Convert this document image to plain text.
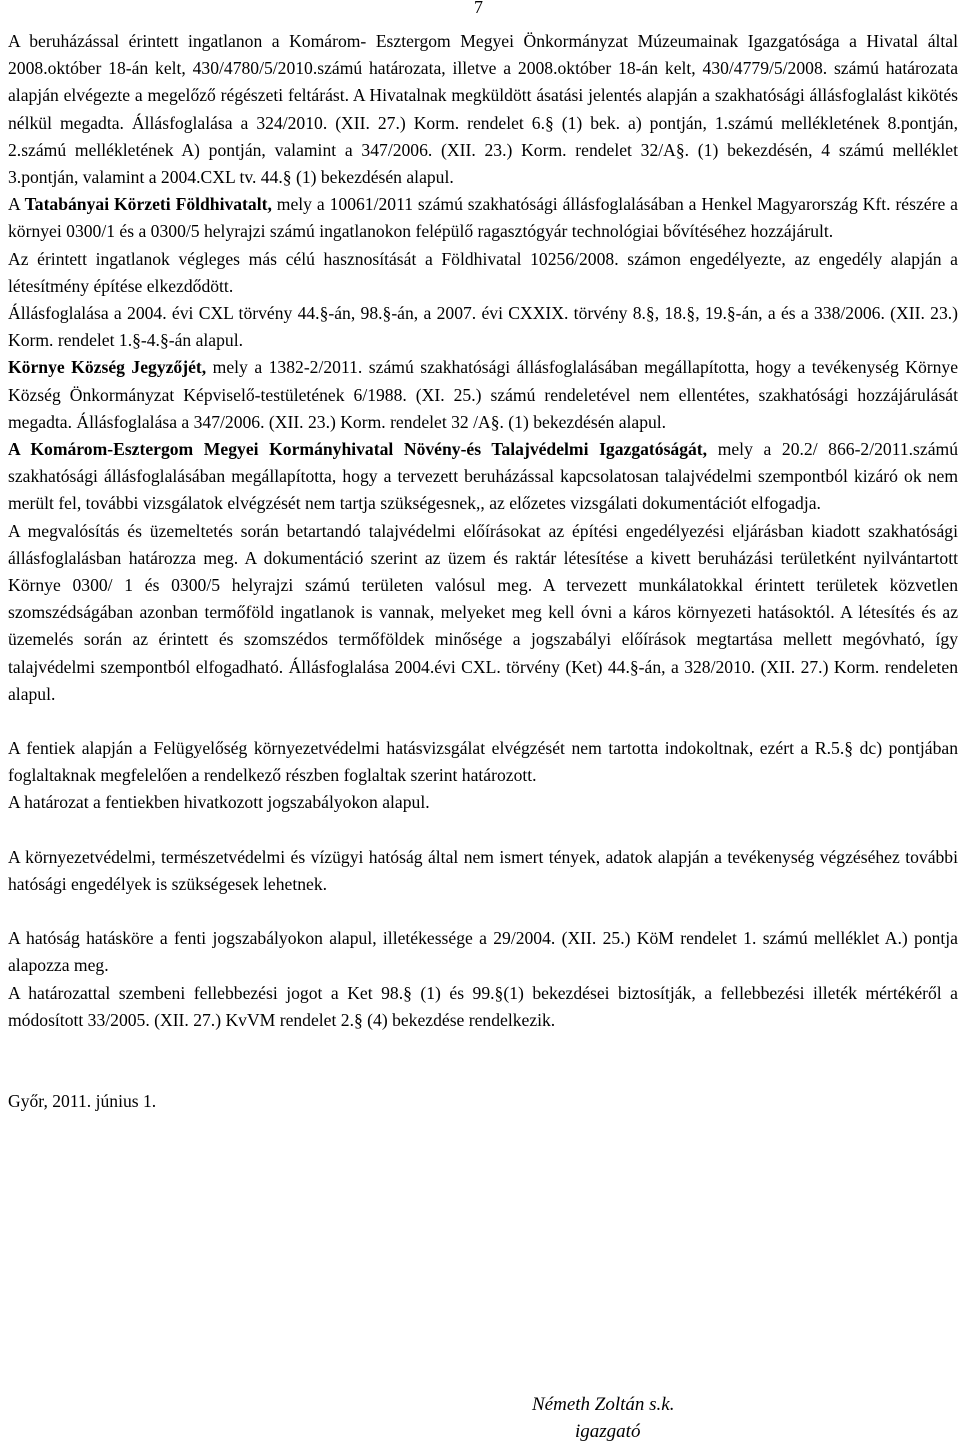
7

A beruházással érintett ingatlanon a Komárom- Esztergom Megyei Önkormányzat Múzeumainak Igazgatósága a Hivatal által 2008.október 18-án kelt, 430/4780/5/2010.számú határozata, illetve a 2008.október 18-án kelt, 430/4779/5/2008. számú határozata alapján elvégezte a megelőző régészeti feltárást. A Hivatalnak megküldött ásatási jelentés alapján a szakhatósági állásfoglalást kikötés nélkül megadta. Állásfoglalása a 324/2010. (XII. 27.) Korm. rendelet 6.§ (1) bek. a) pontján, 1.számú mellékletének 8.pontján, 2.számú mellékletének A) pontján, valamint a 347/2006. (XII. 23.) Korm. rendelet 32/A§. (1) bekezdésén, 4 számú melléklet 3.pontján, valamint a 2004.CXL tv. 44.§ (1) bekezdésén alapul.

A Tatabányai Körzeti Földhivatalt, mely a 10061/2011 számú szakhatósági állásfoglalásában a Henkel Magyarország Kft. részére a környei 0300/1 és a 0300/5 helyrajzi számú ingatlanokon felépülő ragasztógyár technológiai bővítéséhez hozzájárult.

Az érintett ingatlanok végleges más célú hasznosítását a Földhivatal 10256/2008. számon engedélyezte, az engedély alapján a létesítmény építése elkezdődött.

Állásfoglalása a 2004. évi CXL törvény 44.§-án, 98.§-án, a 2007. évi CXXIX. törvény 8.§, 18.§, 19.§-án, a és a 338/2006. (XII. 23.) Korm. rendelet 1.§-4.§-án alapul.

Környe Község Jegyzőjét, mely a 1382-2/2011. számú szakhatósági állásfoglalásában megállapította, hogy a tevékenység Környe Község Önkormányzat Képviselő-testületének 6/1988. (XI. 25.) számú rendeletével nem ellentétes, szakhatósági hozzájárulását megadta. Állásfoglalása a 347/2006. (XII. 23.) Korm. rendelet 32 /A§. (1) bekezdésén alapul.

A Komárom-Esztergom Megyei Kormányhivatal Növény-és Talajvédelmi Igazgatóságát, mely a 20.2/ 866-2/2011.számú szakhatósági állásfoglalásában megállapította, hogy a tervezett beruházással kapcsolatosan talajvédelmi szempontból kizáró ok nem merült fel, további vizsgálatok elvégzését nem tartja szükségesnek,, az előzetes vizsgálati dokumentációt elfogadja.

A megvalósítás és üzemeltetés során betartandó talajvédelmi előírásokat az építési engedélyezési eljárásban kiadott szakhatósági állásfoglalásban határozza meg. A dokumentáció szerint az üzem és raktár létesítése a kivett beruházási területként nyilvántartott Környe 0300/ 1 és 0300/5 helyrajzi számú területen valósul meg. A tervezett munkálatokkal érintett területek közvetlen szomszédságában azonban termőföld ingatlanok is vannak, melyeket meg kell óvni a káros környezeti hatásoktól. A létesítés és az üzemelés során az érintett és szomszédos termőföldek minősége a jogszabályi előírások megtartása mellett megóvható, így talajvédelmi szempontból elfogadható. Állásfoglalása 2004.évi CXL. törvény (Ket) 44.§-án, a 328/2010. (XII. 27.) Korm. rendeleten alapul.

A fentiek alapján a Felügyelőség környezetvédelmi hatásvizsgálat elvégzését nem tartotta indokoltnak, ezért a R.5.§ dc) pontjában foglaltaknak megfelelően a rendelkező részben foglaltak szerint határozott.

A határozat a fentiekben hivatkozott jogszabályokon alapul.

A környezetvédelmi, természetvédelmi és vízügyi hatóság által nem ismert tények, adatok alapján a tevékenység végzéséhez további hatósági engedélyek is szükségesek lehetnek.

A hatóság hatásköre a fenti jogszabályokon alapul, illetékessége a 29/2004. (XII. 25.) KöM rendelet 1. számú melléklet A.) pontja alapozza meg.

A határozattal szembeni fellebbezési jogot a Ket 98.§ (1) és 99.§(1) bekezdései biztosítják, a fellebbezési illeték mértékéről a módosított 33/2005. (XII. 27.) KvVM rendelet 2.§ (4) bekezdése rendelkezik.

Győr, 2011. június 1.

Németh Zoltán s.k.
igazgató
